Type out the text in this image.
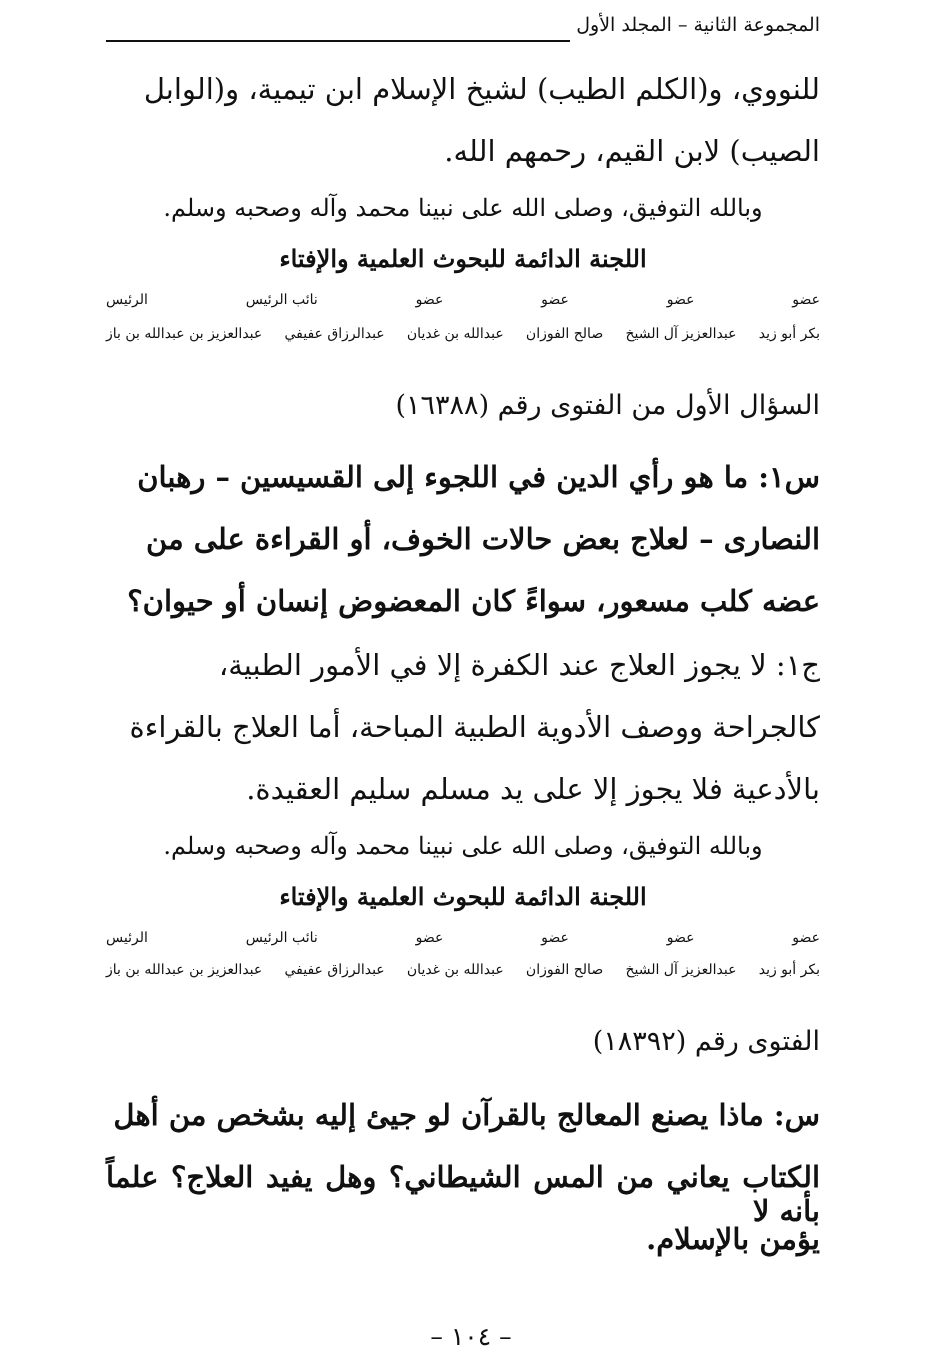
المجموعة الثانية – المجلد الأول
للنووي، و(الكلم الطيب) لشيخ الإسلام ابن تيمية، و(الوابل
الصيب) لابن القيم، رحمهم الله.
وبالله التوفيق، وصلى الله على نبينا محمد وآله وصحبه وسلم.
اللجنة الدائمة للبحوث العلمية والإفتاء
عضو
عضو
عضو
عضو
نائب الرئيس
الرئيس
بكر أبو زيد
عبدالعزيز آل الشيخ
صالح الفوزان
عبدالله بن غديان
عبدالرزاق عفيفي
عبدالعزيز بن عبدالله بن باز
السؤال الأول من الفتوى رقم (١٦٣٨٨)
س١: ما هو رأي الدين في اللجوء إلى القسيسين – رهبان
النصارى – لعلاج بعض حالات الخوف، أو القراءة على من
عضه كلب مسعور، سواءً كان المعضوض إنسان أو حيوان؟
ج١: لا يجوز العلاج عند الكفرة إلا في الأمور الطبية،
كالجراحة ووصف الأدوية الطبية المباحة، أما العلاج بالقراءة
بالأدعية فلا يجوز إلا على يد مسلم سليم العقيدة.
وبالله التوفيق، وصلى الله على نبينا محمد وآله وصحبه وسلم.
اللجنة الدائمة للبحوث العلمية والإفتاء
عضو
عضو
عضو
عضو
نائب الرئيس
الرئيس
بكر أبو زيد
عبدالعزيز آل الشيخ
صالح الفوزان
عبدالله بن غديان
عبدالرزاق عفيفي
عبدالعزيز بن عبدالله بن باز
الفتوى رقم (١٨٣٩٢)
س: ماذا يصنع المعالج بالقرآن لو جيئ إليه بشخص من أهل
الكتاب يعاني من المس الشيطاني؟ وهل يفيد العلاج؟ علماً بأنه لا
يؤمن بالإسلام.
– ١٠٤ –
